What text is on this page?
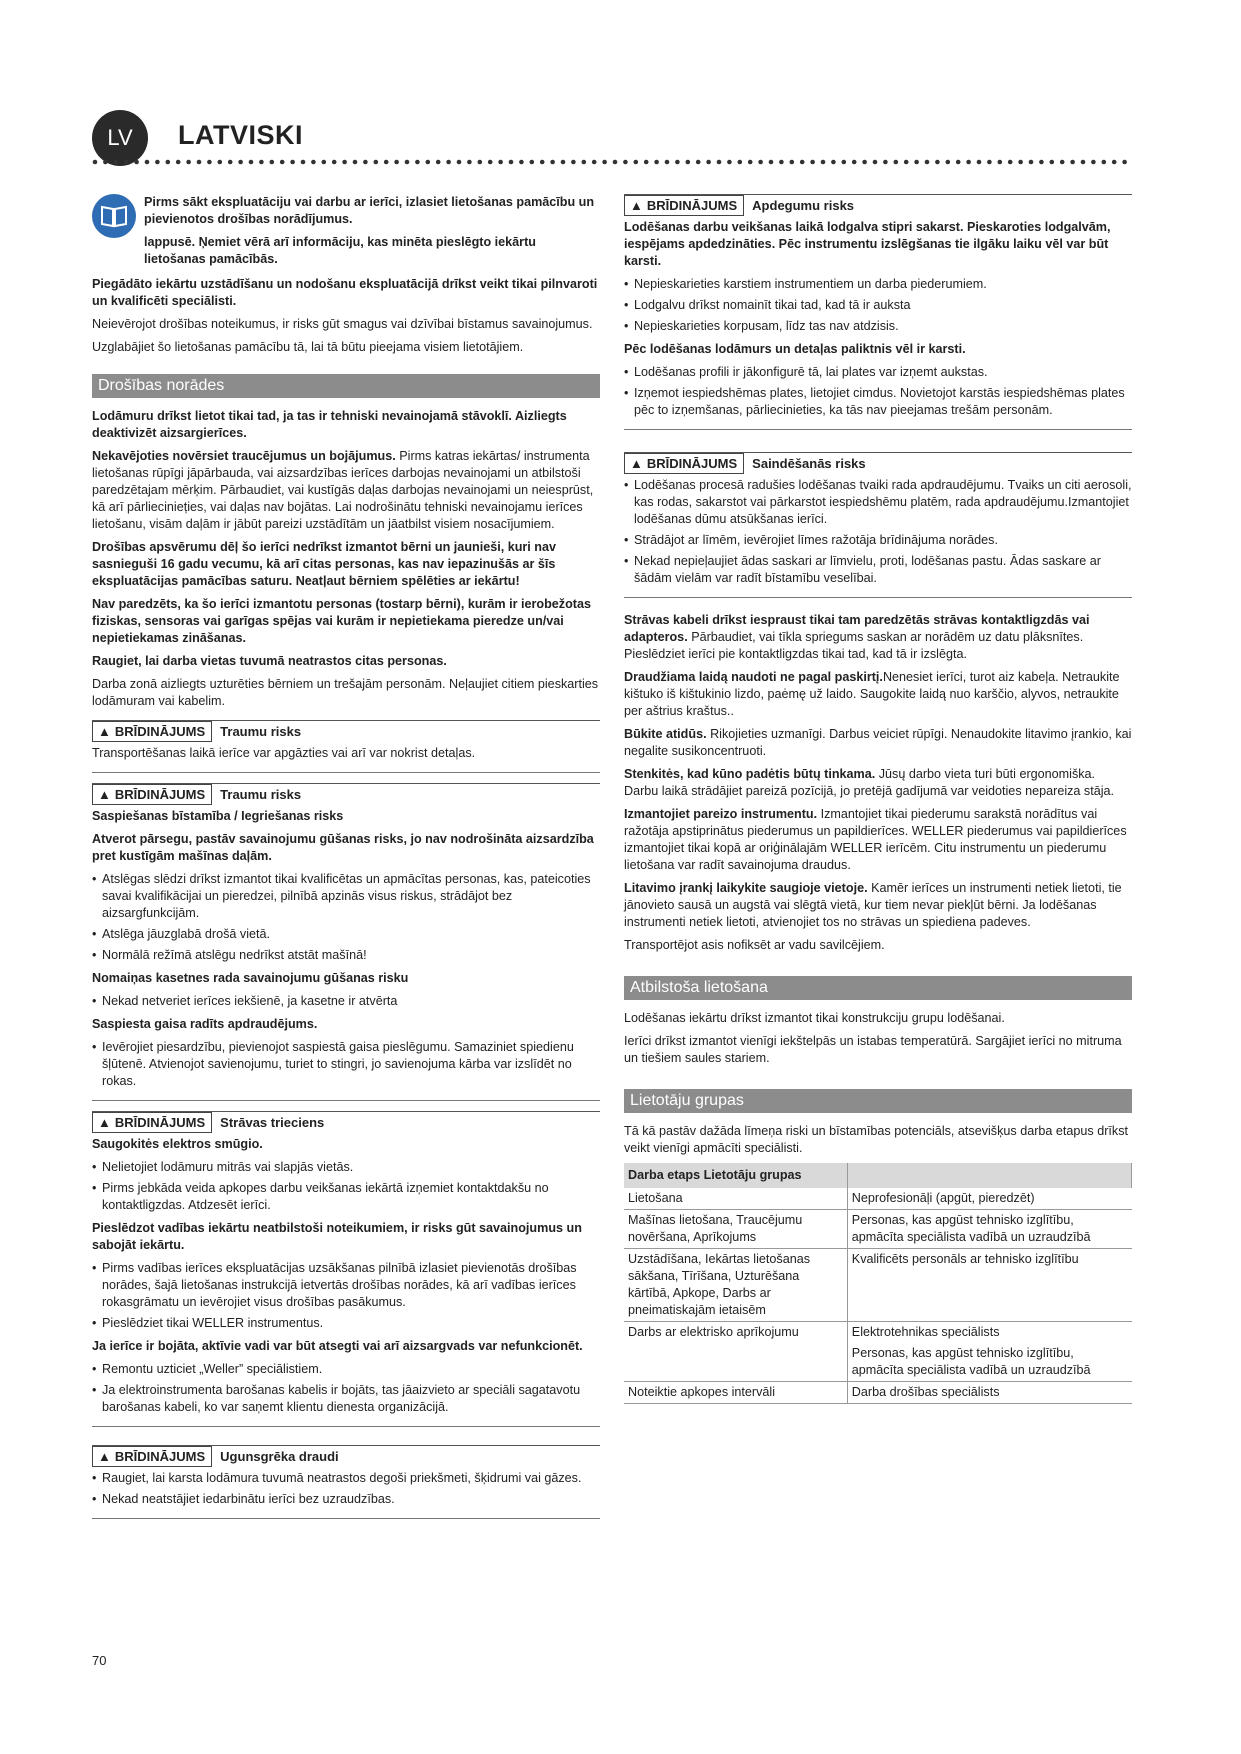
LV	LATVISKI

Pirms sākt ekspluatāciju vai darbu ar ierīci, izlasiet lietošanas pamācību un pievienotos drošības norādījumus.

lappusē. Ņemiet vērā arī informāciju, kas minēta pieslēgto iekārtu lietošanas pamācībās.

Piegādāto iekārtu uzstādīšanu un nodošanu ekspluatācijā drīkst veikt tikai pilnvaroti un kvalificēti speciālisti.

Neievērojot drošības noteikumus, ir risks gūt smagus vai dzīvībai bīstamus savainojumus.

Uzglabājiet šo lietošanas pamācību tā, lai tā būtu pieejama visiem lietotājiem.

Drošības norādes

Lodāmuru drīkst lietot tikai tad, ja tas ir tehniski nevainojamā stāvoklī. Aizliegts deaktivizēt aizsargierīces.

Nekavējoties novērsiet traucējumus un bojājumus. Pirms katras iekārtas/ instrumenta lietošanas rūpīgi jāpārbauda, vai aizsardzības ierīces darbojas nevainojami un atbilstoši paredzētajam mērķim. Pārbaudiet, vai kustīgās daļas darbojas nevainojami un neiesprūst, kā arī pārlieciniețies, vai daļas nav bojātas. Lai nodrošinātu tehniski nevainojamu ierīces lietošanu, visām daļām ir jābūt pareizi uzstādītām un jāatbilst visiem nosacījumiem.

Drošības apsvērumu dēļ šo ierīci nedrīkst izmantot bērni un jaunieši, kuri nav sasnieguši 16 gadu vecumu, kā arī citas personas, kas nav iepazinušās ar šīs ekspluatācijas pamācības saturu. Neatļaut bērniem spēlēties ar iekārtu!

Nav paredzēts, ka šo ierīci izmantotu personas (tostarp bērni), kurām ir ierobežotas fiziskas, sensoras vai garīgas spējas vai kurām ir nepietiekama pieredze un/vai nepietiekamas zināšanas.

Raugiet, lai darba vietas tuvumā neatrastos citas personas.

Darba zonā aizliegts uzturēties bērniem un trešajām personām. Neļaujiet citiem pieskarties lodāmuram vai kabelim.

▲ BRĪDINĀJUMS Traumu risks

Transportēšanas laikā ierīce var apgāzties vai arī var nokrist detaļas.

▲ BRĪDINĀJUMS Traumu risks

Saspiešanas bīstamība / Iegriešanas risks

Atverot pārsegu, pastāv savainojumu gūšanas risks, jo nav nodrošināta aizsardzība pret kustīgām mašīnas daļām.

• Atslēgas slēdzi drīkst izmantot tikai kvalificētas un apmācītas personas, kas, pateicoties savai kvalifikācijai un pieredzei, pilnībā apzinās visus riskus, strādājot bez aizsargfunkcijām.
• Atslēga jāuzglabā drošā vietā.
• Normālā režīmā atslēgu nedrīkst atstāt mašīnā!

Nomaiņas kasetnes rada savainojumu gūšanas risku

• Nekad netveriet ierīces iekšienē, ja kasetne ir atvērta

Saspiesta gaisa radīts apdraudējums.

• Ievērojiet piesardzību, pievienojot saspiestā gaisa pieslēgumu. Samaziniet spiedienu šļūtenē. Atvienojot savienojumu, turiet to stingri, jo savienojuma kārba var izslīdēt no rokas.
▲ BRĪDINĀJUMS Strāvas trieciens

Saugokitės elektros smūgio.

• Nelietojiet lodāmuru mitrās vai slapjās vietās.
• Pirms jebkāda veida apkopes darbu veikšanas iekārtā izņemiet kontaktdakšu no kontaktligzdas. Atdzesēt ierīci.

Pieslēdzot vadības iekārtu neatbilstoši noteikumiem, ir risks gūt savainojumus un sabojāt iekārtu.

• Pirms vadības ierīces ekspluatācijas uzsākšanas pilnībā izlasiet pievienotās drošības norādes, šajā lietošanas instrukcijā ietvertās drošības norādes, kā arī vadības ierīces rokasgrāmatu un ievērojiet visus drošības pasākumus.
• Pieslēdziet tikai WELLER instrumentus.

Ja ierīce ir bojāta, aktīvie vadi var būt atsegti vai arī aizsargvads var nefunkcionēt.

• Remontu uzticiet „Weller” speciālistiem.
• Ja elektroinstrumenta barošanas kabelis ir bojāts, tas jāaizvieto ar speciāli sagatavotu barošanas kabeli, ko var saņemt klientu dienesta organizācijā.
▲ BRĪDINĀJUMS Ugunsgrēka draudi
• Raugiet, lai karsta lodāmura tuvumā neatrastos degoši priekšmeti, šķidrumi vai gāzes.
• Nekad neatstājiet iedarbinātu ierīci bez uzraudzības.
▲ BRĪDINĀJUMS Apdegumu risks

Lodēšanas darbu veikšanas laikā lodgalva stipri sakarst. Pieskaroties lodgalvām, iespējams apdedzināties. Pēc instrumentu izslēgšanas tie ilgāku laiku vēl var būt karsti.

• Nepieskarieties karstiem instrumentiem un darba piederumiem.
• Lodgalvu drīkst nomainīt tikai tad, kad tā ir auksta
• Nepieskarieties korpusam, līdz tas nav atdzisis.

Pēc lodēšanas lodāmurs un detaļas paliktnis vēl ir karsti.

• Lodēšanas profili ir jākonfigurē tā, lai plates var izņemt aukstas.
• Izņemot iespiedshēmas plates, lietojiet cimdus. Novietojot karstās iespiedshēmas plates pēc to izņemšanas, pārliecinieties, ka tās nav pieejamas trešām personām.
▲ BRĪDINĀJUMS Saindēšanās risks
• Lodēšanas procesā radušies lodēšanas tvaiki rada apdraudējumu. Tvaiks un citi aerosoli, kas rodas, sakarstot vai pārkarstot iespiedshēmu platēm, rada apdraudējumu.Izmantojiet lodēšanas dūmu atsūkšanas ierīci.
• Strādājot ar līmēm, ievērojiet līmes ražotāja brīdinājuma norādes.
• Nekad nepieļaujiet ādas saskari ar līmvielu, proti, lodēšanas pastu. Ādas saskare ar šādām vielām var radīt bīstamību veselībai.

Strāvas kabeli drīkst iespraust tikai tam paredzētās strāvas kontaktligzdās vai adapteros. Pārbaudiet, vai tīkla spriegums saskan ar norādēm uz datu plāksnītes. Pieslēdziet ierīci pie kontaktligzdas tikai tad, kad tā ir izslēgta.

Draudžiama laidą naudoti ne pagal paskirtį.Nenesiet ierīci, turot aiz kabeļa. Netraukite kištuko iš kištukinio lizdo, paėmę už laido. Saugokite laidą nuo karščio, alyvos, netraukite per aštrius kraštus..

Būkite atidūs. Rikojieties uzmanīgi. Darbus veiciet rūpīgi. Nenaudokite litavimo įrankio, kai negalite susikoncentruoti.

Stenkitės, kad kūno padėtis būtų tinkama. Jūsų darbo vieta turi būti ergonomiška. Darbu laikā strādājiet pareizā pozīcijā, jo pretējā gadījumā var veidoties nepareiza stāja.

Izmantojiet pareizo instrumentu. Izmantojiet tikai piederumu sarakstā norādītus vai ražotāja apstiprinātus piederumus un papildierīces. WELLER piederumus vai papildierīces izmantojiet tikai kopā ar oriģinālajām WELLER ierīcēm. Citu instrumentu un piederumu lietošana var radīt savainojuma draudus.

Litavimo įrankį laikykite saugioje vietoje. Kamēr ierīces un instrumenti netiek lietoti, tie jānovieto sausā un augstā vai slēgtā vietā, kur tiem nevar piekļūt bērni. Ja lodēšanas instrumenti netiek lietoti, atvienojiet tos no strāvas un spiediena padeves.

Transportējot asis nofiksēt ar vadu savilcējiem.

Atbilstoša lietošana

Lodēšanas iekārtu drīkst izmantot tikai konstrukciju grupu lodēšanai.

Ierīci drīkst izmantot vienīgi iekštelpās un istabas temperatūrā. Sargājiet ierīci no mitruma un tiešiem saules stariem.

Lietotāju grupas

Tā kā pastāv dažāda līmeņa riski un bīstamības potenciāls, atsevišķus darba etapus drīkst veikt vienīgi apmācīti speciālisti.

Darba etaps Lietotāju grupas	
Lietošana	Neprofesionāļi (apgūt, pieredzēt)
Mašīnas lietošana, Traucējumu novēršana, Aprīkojums	Personas, kas apgūst tehnisko izglītību, apmācīta speciālista vadībā un uzraudzībā
Uzstādīšana, Iekārtas lietošanas sākšana, Tīrīšana, Uzturēšana kārtībā, Apkope, Darbs ar pneimatiskajām ietaisēm	Kvalificēts personāls ar tehnisko izglītību
Darbs ar elektrisko aprīkojumu	Elektrotehnikas speciālists
	Personas, kas apgūst tehnisko izglītību, apmācīta speciālista vadībā un uzraudzībā
Noteiktie apkopes intervāli	Darba drošības speciālists
70
